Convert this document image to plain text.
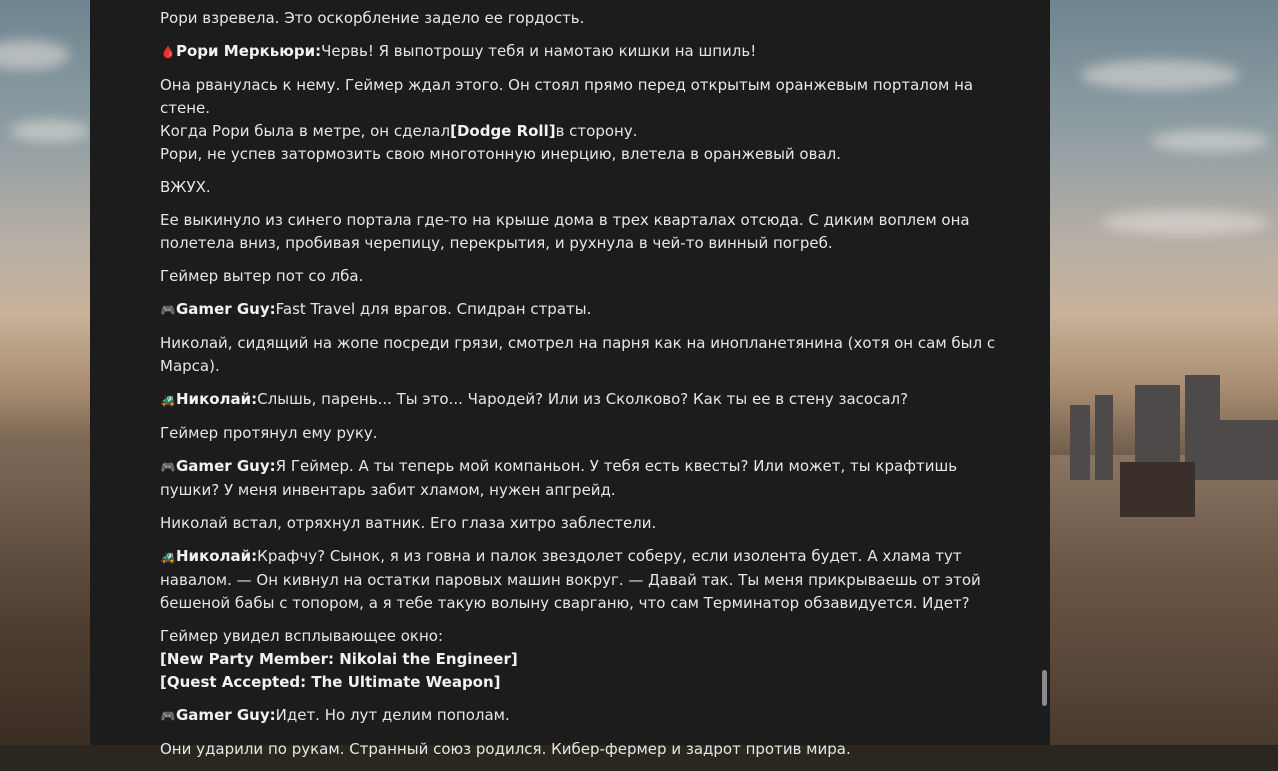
Рори взревела. Это оскорбление задело ее гордость.

🩸Рори Меркьюри:Червь! Я выпотрошу тебя и намотаю кишки на шпиль!

Она рванулась к нему. Геймер ждал этого. Он стоял прямо перед открытым оранжевым порталом на стене.
Когда Рори была в метре, он сделал[Dodge Roll]в сторону.
Рори, не успев затормозить свою многотонную инерцию, влетела в оранжевый овал.

ВЖУХ.

Ее выкинуло из синего портала где-то на крыше дома в трех кварталах отсюда. С диким воплем она полетела вниз, пробивая черепицу, перекрытия, и рухнула в чей-то винный погреб.

Геймер вытер пот со лба.

🎮Gamer Guy:Fast Travel для врагов. Спидран страты.

Николай, сидящий на жопе посреди грязи, смотрел на парня как на инопланетянина (хотя он сам был с Марса).

🚜Николай:Слышь, парень... Ты это... Чародей? Или из Сколково? Как ты ее в стену засосал?

Геймер протянул ему руку.

🎮Gamer Guy:Я Геймер. А ты теперь мой компаньон. У тебя есть квесты? Или может, ты крафтишь пушки? У меня инвентарь забит хламом, нужен апгрейд.

Николай встал, отряхнул ватник. Его глаза хитро заблестели.

🚜Николай:Крафчу? Сынок, я из говна и палок звездолет соберу, если изолента будет. А хлама тут навалом. — Он кивнул на остатки паровых машин вокруг. — Давай так. Ты меня прикрываешь от этой бешеной бабы с топором, а я тебе такую волыну сварганю, что сам Терминатор обзавидуется. Идет?

Геймер увидел всплывающее окно:
[New Party Member: Nikolai the Engineer]
[Quest Accepted: The Ultimate Weapon]

🎮Gamer Guy:Идет. Но лут делим пополам.

Они ударили по рукам. Странный союз родился. Кибер-фермер и задрот против мира.
